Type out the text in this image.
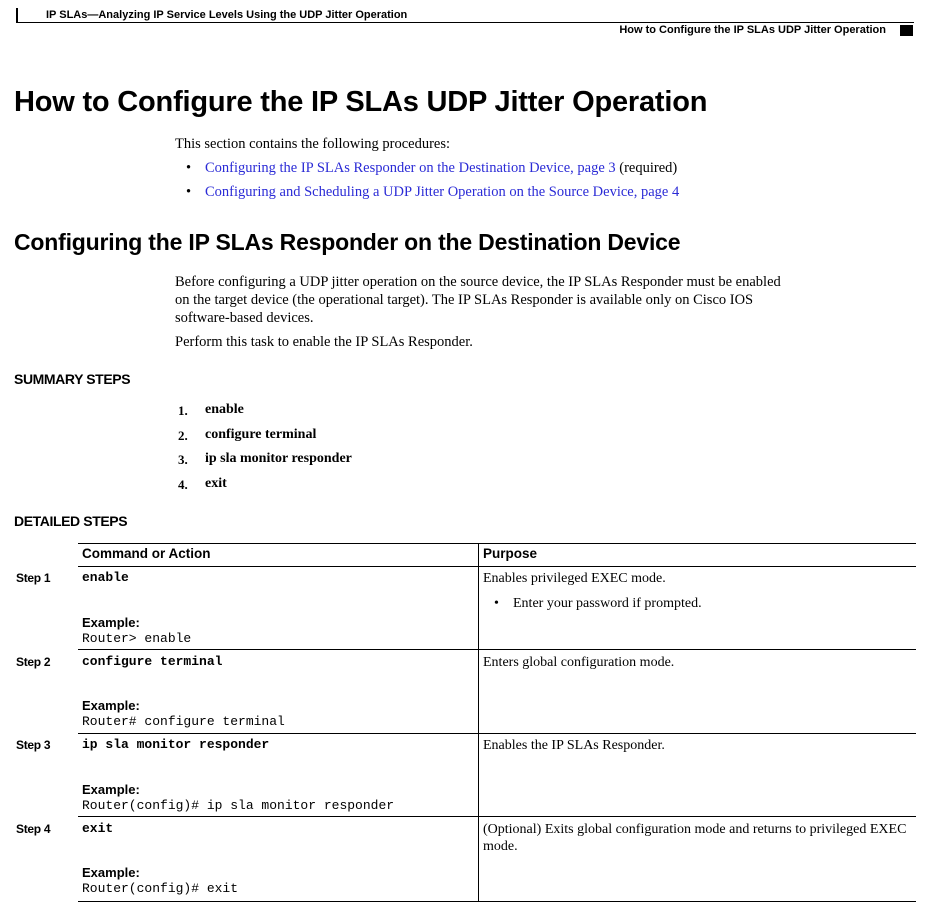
IP SLAs—Analyzing IP Service Levels Using the UDP Jitter Operation
How to Configure the IP SLAs UDP Jitter Operation
How to Configure the IP SLAs UDP Jitter Operation
This section contains the following procedures:
• Configuring the IP SLAs Responder on the Destination Device, page 3 (required)
• Configuring and Scheduling a UDP Jitter Operation on the Source Device, page 4
Configuring the IP SLAs Responder on the Destination Device
Before configuring a UDP jitter operation on the source device, the IP SLAs Responder must be enabled
on the target device (the operational target). The IP SLAs Responder is available only on Cisco IOS
software-based devices.
Perform this task to enable the IP SLAs Responder.
SUMMARY STEPS
1. enable
2. configure terminal
3. ip sla monitor responder
4. exit
DETAILED STEPS
Command or Action	Purpose
Step 1 enable
Example:
Router> enable
Enables privileged EXEC mode.
• Enter your password if prompted.
Step 2 configure terminal
Example:
Router# configure terminal
Enters global configuration mode.
Step 3 ip sla monitor responder
Example:
Router(config)# ip sla monitor responder
Enables the IP SLAs Responder.
Step 4 exit
Example:
Router(config)# exit
(Optional) Exits global configuration mode and returns to privileged EXEC mode.
